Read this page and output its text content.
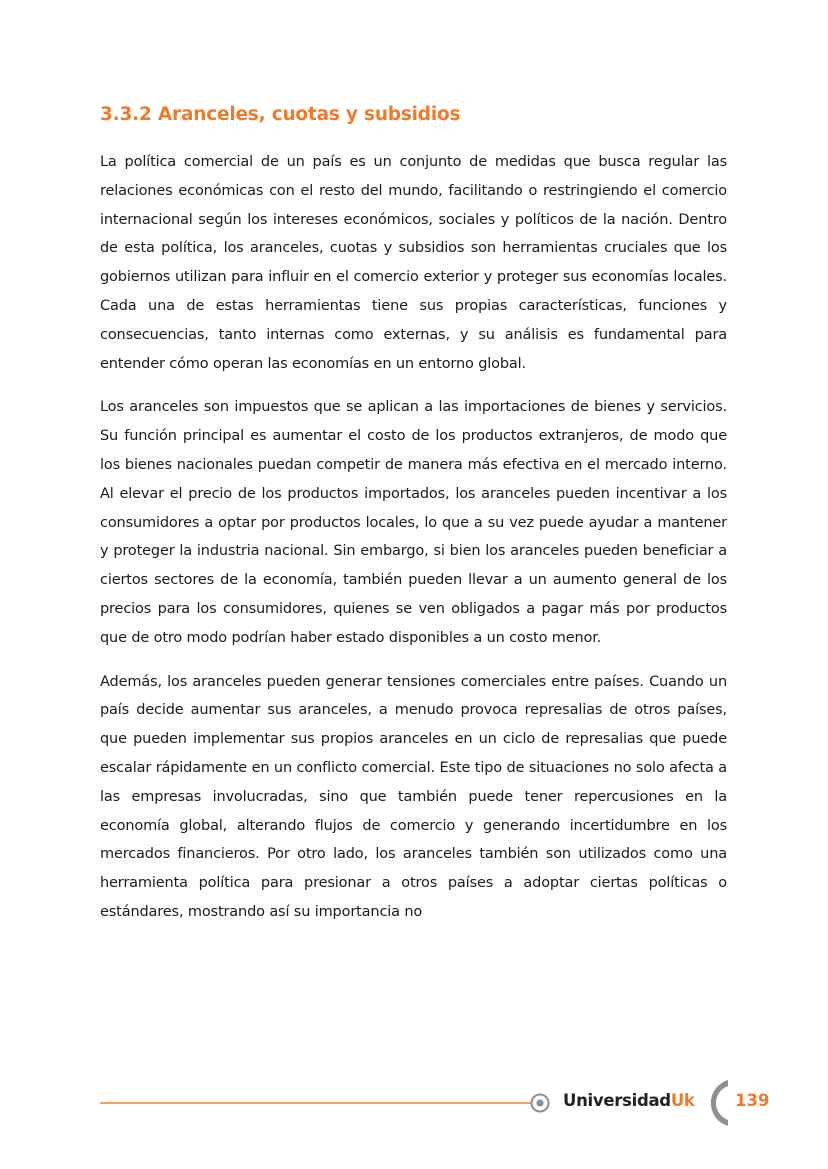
3.3.2 Aranceles, cuotas y subsidios

La política comercial de un país es un conjunto de medidas que busca regular las relaciones económicas con el resto del mundo, facilitando o restringiendo el comercio internacional según los intereses económicos, sociales y políticos de la nación. Dentro de esta política, los aranceles, cuotas y subsidios son herramientas cruciales que los gobiernos utilizan para influir en el comercio exterior y proteger sus economías locales. Cada una de estas herramientas tiene sus propias características, funciones y consecuencias, tanto internas como externas, y su análisis es fundamental para entender cómo operan las economías en un entorno global.

Los aranceles son impuestos que se aplican a las importaciones de bienes y servicios. Su función principal es aumentar el costo de los productos extranjeros, de modo que los bienes nacionales puedan competir de manera más efectiva en el mercado interno. Al elevar el precio de los productos importados, los aranceles pueden incentivar a los consumidores a optar por productos locales, lo que a su vez puede ayudar a mantener y proteger la industria nacional. Sin embargo, si bien los aranceles pueden beneficiar a ciertos sectores de la economía, también pueden llevar a un aumento general de los precios para los consumidores, quienes se ven obligados a pagar más por productos que de otro modo podrían haber estado disponibles a un costo menor.

Además, los aranceles pueden generar tensiones comerciales entre países. Cuando un país decide aumentar sus aranceles, a menudo provoca represalias de otros países, que pueden implementar sus propios aranceles en un ciclo de represalias que puede escalar rápidamente en un conflicto comercial. Este tipo de situaciones no solo afecta a las empresas involucradas, sino que también puede tener repercusiones en la economía global, alterando flujos de comercio y generando incertidumbre en los mercados financieros. Por otro lado, los aranceles también son utilizados como una herramienta política para presionar a otros países a adoptar ciertas políticas o estándares, mostrando así su importancia no

UniversidadUk 139
